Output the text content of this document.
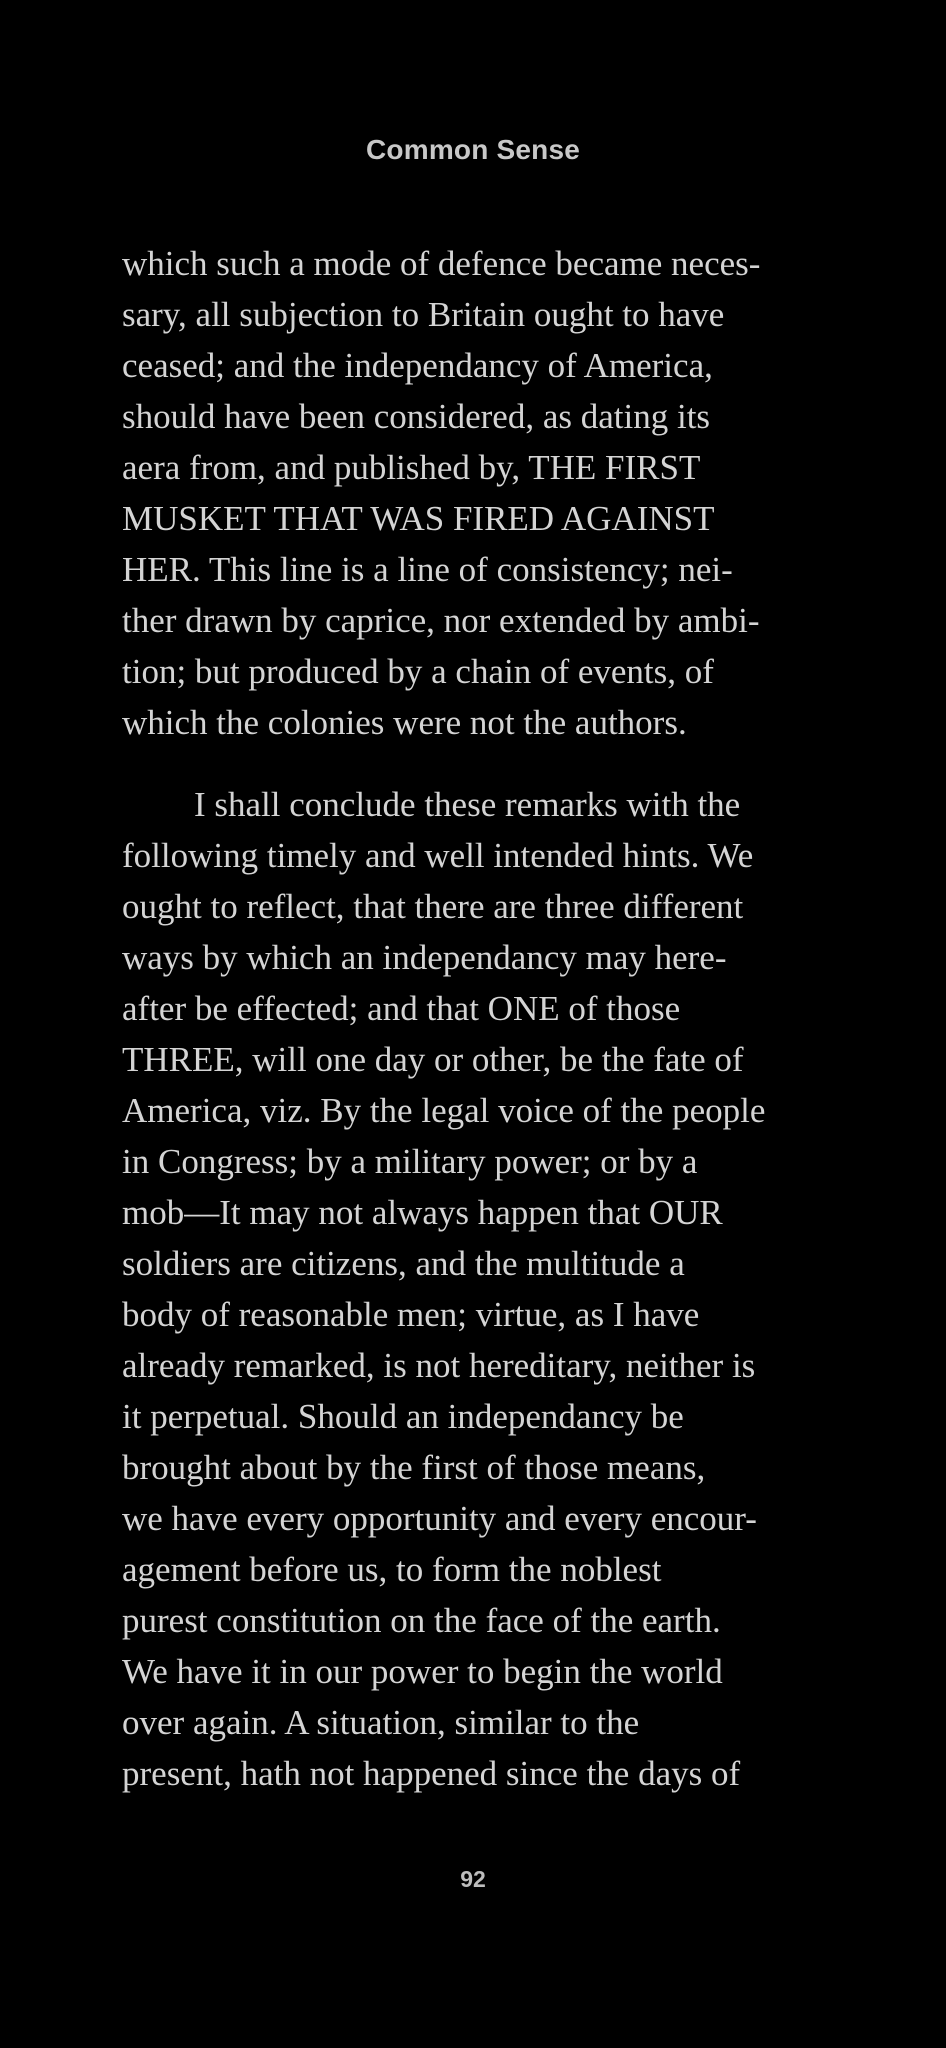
Common Sense
which such a mode of defence became neces-
sary, all subjection to Britain ought to have
ceased; and the independancy of America,
should have been considered, as dating its
aera from, and published by, THE FIRST
MUSKET THAT WAS FIRED AGAINST
HER. This line is a line of consistency; nei-
ther drawn by caprice, nor extended by ambi-
tion; but produced by a chain of events, of
which the colonies were not the authors.
I shall conclude these remarks with the
following timely and well intended hints. We
ought to reflect, that there are three different
ways by which an independancy may here-
after be effected; and that ONE of those
THREE, will one day or other, be the fate of
America, viz. By the legal voice of the people
in Congress; by a military power; or by a
mob—It may not always happen that OUR
soldiers are citizens, and the multitude a
body of reasonable men; virtue, as I have
already remarked, is not hereditary, neither is
it perpetual. Should an independancy be
brought about by the first of those means,
we have every opportunity and every encour-
agement before us, to form the noblest
purest constitution on the face of the earth.
We have it in our power to begin the world
over again. A situation, similar to the
present, hath not happened since the days of
92
